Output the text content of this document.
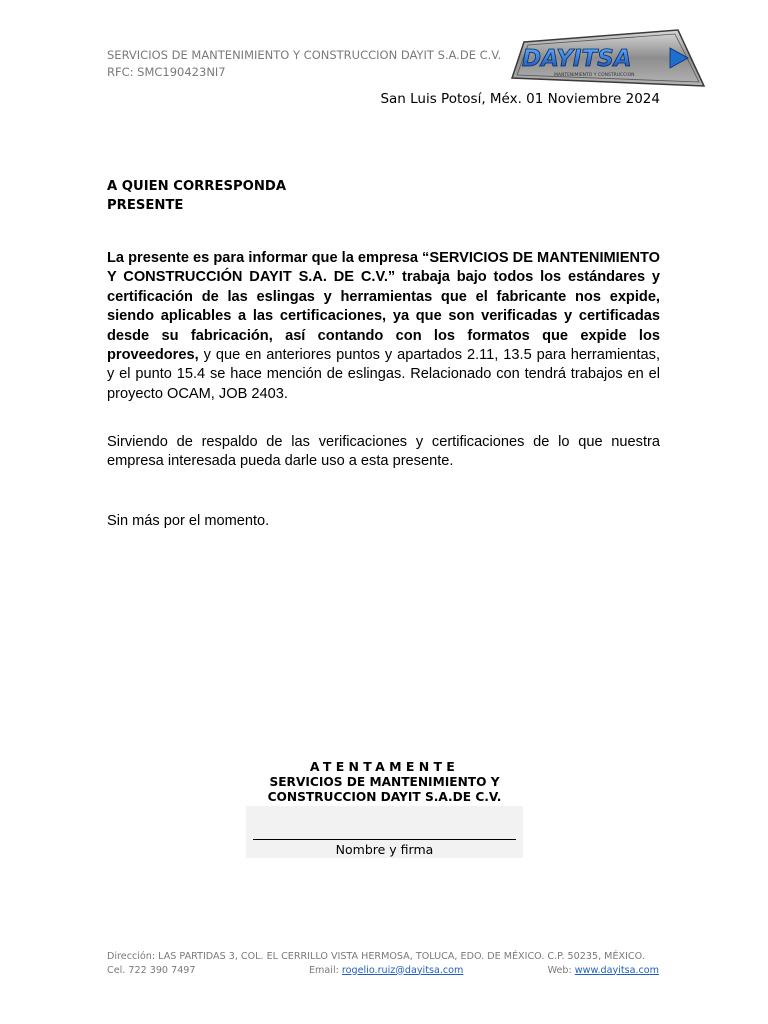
SERVICIOS DE MANTENIMIENTO Y CONSTRUCCION DAYIT S.A.DE C.V.
RFC: SMC190423NI7	DAYITSA
MANTENIMIENTO Y CONSTRUCCION
San Luis Potosí, Méx. 01 Noviembre 2024
A QUIEN CORRESPONDA
PRESENTE
La presente es para informar que la empresa “SERVICIOS DE MANTENIMIENTO Y CONSTRUCCIÓN DAYIT S.A. DE C.V.” trabaja bajo todos los estándares y certificación de las eslingas y herramientas que el fabricante nos expide, siendo aplicables a las certificaciones, ya que son verificadas y certificadas desde su fabricación, así contando con los formatos que expide los proveedores, y que en anteriores puntos y apartados 2.11, 13.5 para herramientas, y el punto 15.4 se hace mención de eslingas. Relacionado con tendrá trabajos en el proyecto OCAM, JOB 2403.
Sirviendo de respaldo de las verificaciones y certificaciones de lo que nuestra empresa interesada pueda darle uso a esta presente.
Sin más por el momento.
ATENTAMENTE
SERVICIOS DE MANTENIMIENTO Y
CONSTRUCCION DAYIT S.A.DE C.V.
Nombre y firma
Dirección: LAS PARTIDAS 3, COL. EL CERRILLO VISTA HERMOSA, TOLUCA, EDO. DE MÉXICO. C.P. 50235, MÉXICO.
Cel. 722 390 7497	Email: rogelio.ruiz@dayitsa.com	Web: www.dayitsa.com
